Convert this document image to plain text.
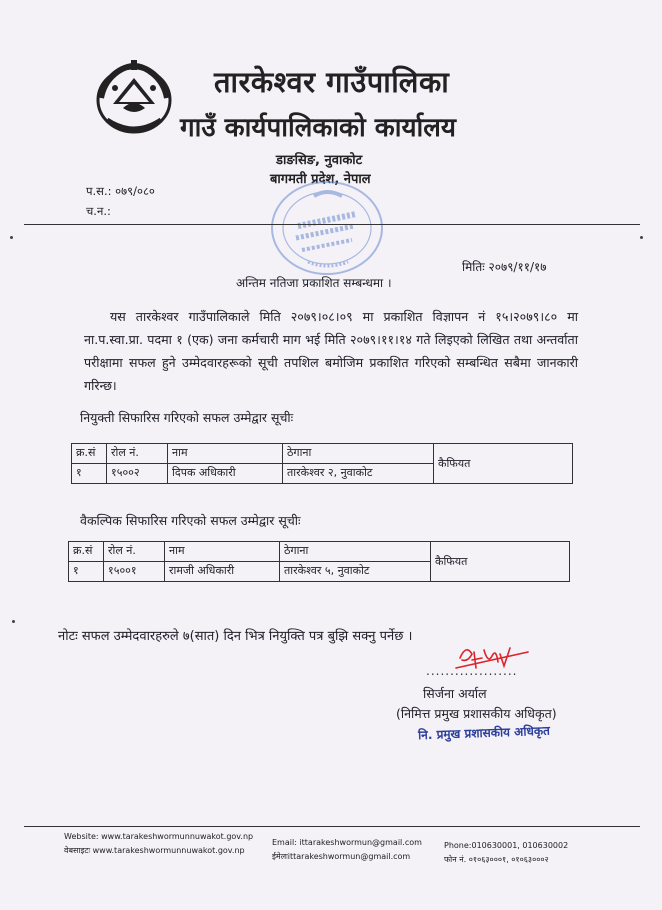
तारकेश्वर गाउँपालिका
गाउँ कार्यपालिकाको कार्यालय
डाङसिङ, नुवाकोट
बागमती प्रदेश, नेपाल
प.स.: ०७९/०८०
च.न.:
मितिः २०७९/११/१७
अन्तिम नतिजा प्रकाशित सम्बन्धमा ।
यस तारकेश्वर गाउँपालिकाले मिति २०७९।०८।०९ मा प्रकाशित विज्ञापन नं १५।२०७९।८० मा ना.प.स्वा.प्रा. पदमा १ (एक) जना कर्मचारी माग भई मिति २०७९।११।१४ गते लिइएको लिखित तथा अन्तर्वाता परीक्षामा सफल हुने उम्मेदवारहरूको सूची तपशिल बमोजिम प्रकाशित गरिएको सम्बन्धित सबैमा जानकारी गरिन्छ।
नियुक्ती सिफारिस गरिएको सफल उम्मेद्वार सूचीः
क्र.सं	रोल नं.	नाम	ठेगाना	कैफियत
१	१५००२	दिपक अधिकारी	तारकेश्वर २, नुवाकोट	
वैकल्पिक सिफारिस गरिएको सफल उम्मेद्वार सूचीः
क्र.सं	रोल नं.	नाम	ठेगाना	कैफियत
१	१५००१	रामजी अधिकारी	तारकेश्वर ५, नुवाकोट	
नोटः सफल उम्मेदवारहरुले ७(सात) दिन भित्र नियुक्ति पत्र बुझि सक्नु पर्नेछ ।
...................
सिर्जना अर्याल
(निमित्त प्रमुख प्रशासकीय अधिकृत)
नि. प्रमुख प्रशासकीय अधिकृत
Website: www.tarakeshwormunnuwakot.gov.np
वेबसाइटः www.tarakeshwormunnuwakot.gov.np
Email: ittarakeshwormun@gmail.com
ईमेलःittarakeshwormun@gmail.com
Phone:010630001, 010630002
फोन नं. ०१०६३०००१, ०१०६३०००२
